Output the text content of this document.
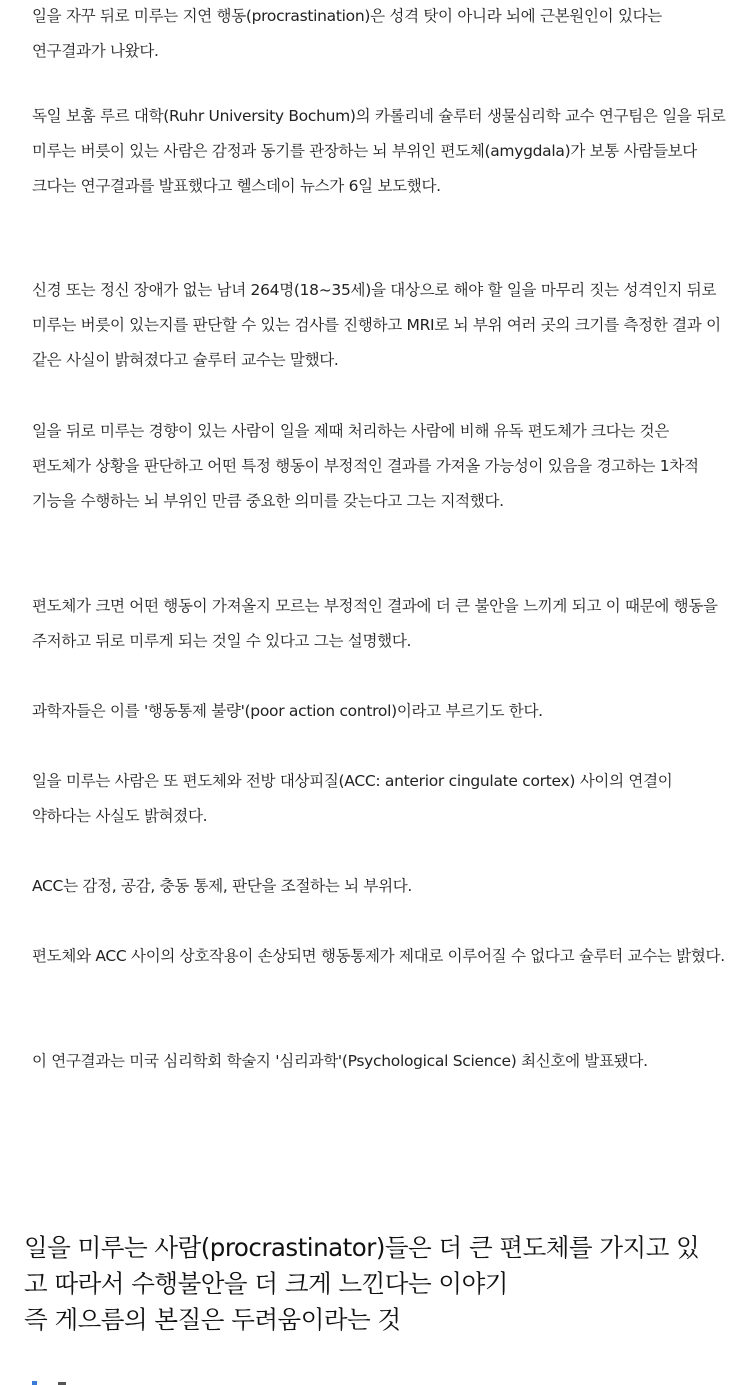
일을 자꾸 뒤로 미루는 지연 행동(procrastination)은 성격 탓이 아니라 뇌에 근본원인이 있다는 연구결과가 나왔다.

독일 보훔 루르 대학(Ruhr University Bochum)의 카롤리네 슐루터 생물심리학 교수 연구팀은 일을 뒤로 미루는 버릇이 있는 사람은 감정과 동기를 관장하는 뇌 부위인 편도체(amygdala)가 보통 사람들보다 크다는 연구결과를 발표했다고 헬스데이 뉴스가 6일 보도했다.

신경 또는 정신 장애가 없는 남녀 264명(18~35세)을 대상으로 해야 할 일을 마무리 짓는 성격인지 뒤로 미루는 버릇이 있는지를 판단할 수 있는 검사를 진행하고 MRI로 뇌 부위 여러 곳의 크기를 측정한 결과 이 같은 사실이 밝혀졌다고 슐루터 교수는 말했다.

일을 뒤로 미루는 경향이 있는 사람이 일을 제때 처리하는 사람에 비해 유독 편도체가 크다는 것은 편도체가 상황을 판단하고 어떤 특정 행동이 부정적인 결과를 가져올 가능성이 있음을 경고하는 1차적 기능을 수행하는 뇌 부위인 만큼 중요한 의미를 갖는다고 그는 지적했다.

편도체가 크면 어떤 행동이 가져올지 모르는 부정적인 결과에 더 큰 불안을 느끼게 되고 이 때문에 행동을 주저하고 뒤로 미루게 되는 것일 수 있다고 그는 설명했다.

과학자들은 이를 '행동통제 불량'(poor action control)이라고 부르기도 한다.

일을 미루는 사람은 또 편도체와 전방 대상피질(ACC: anterior cingulate cortex) 사이의 연결이 약하다는 사실도 밝혀졌다.

ACC는 감정, 공감, 충동 통제, 판단을 조절하는 뇌 부위다.

편도체와 ACC 사이의 상호작용이 손상되면 행동통제가 제대로 이루어질 수 없다고 슐루터 교수는 밝혔다.

이 연구결과는 미국 심리학회 학술지 '심리과학'(Psychological Science) 최신호에 발표됐다.

일을 미루는 사람(procrastinator)들은 더 큰 편도체를 가지고 있
고 따라서 수행불안을 더 크게 느낀다는 이야기
즉 게으름의 본질은 두려움이라는 것
